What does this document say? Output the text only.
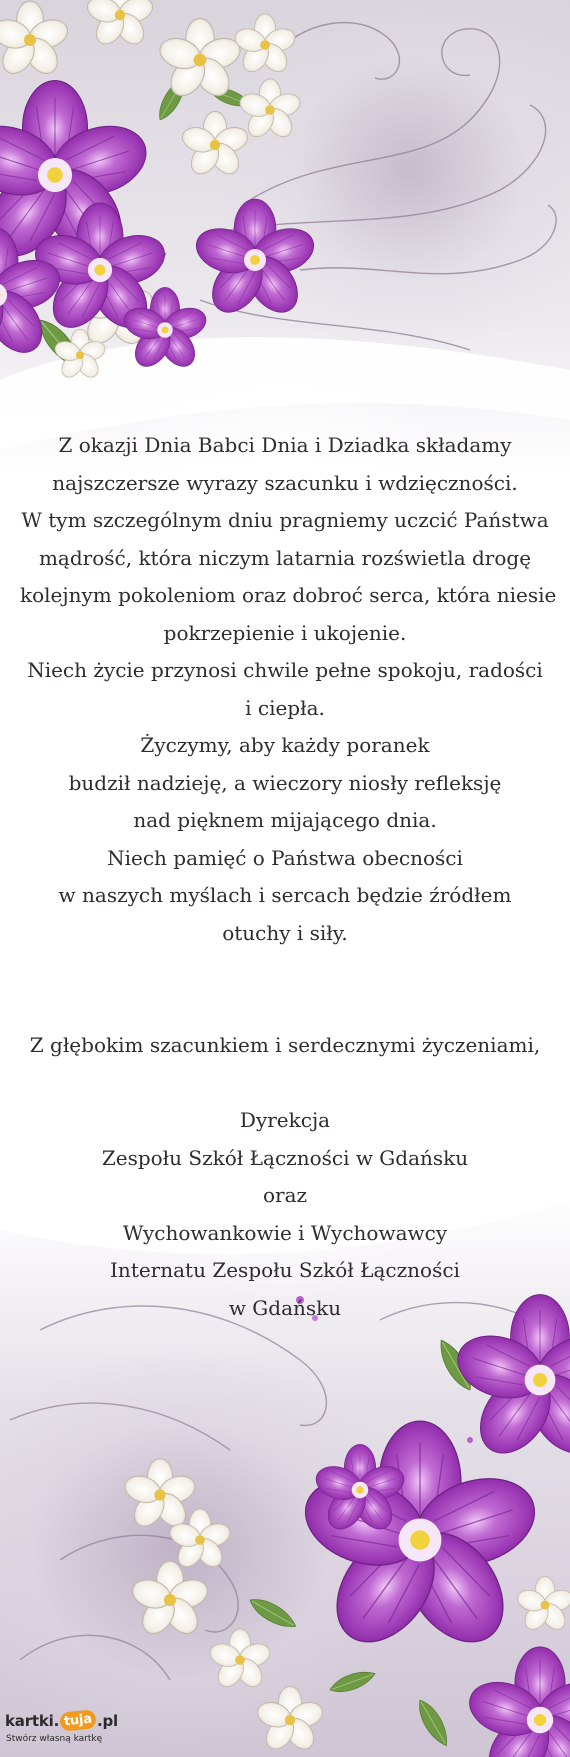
Z okazji Dnia Babci Dnia i Dziadka składamy

najszczersze wyrazy szacunku i wdzięczności.

W tym szczególnym dniu pragniemy uczcić Państwa

mądrość, która niczym latarnia rozświetla drogę

kolejnym pokoleniom oraz dobroć serca, która niesie

pokrzepienie i ukojenie.

Niech życie przynosi chwile pełne spokoju, radości

i ciepła.

Życzymy, aby każdy poranek

budził nadzieję, a wieczory niosły refleksję

nad pięknem mijającego dnia.

Niech pamięć o Państwa obecności

w naszych myślach i sercach będzie źródłem

otuchy i siły.

Z głębokim szacunkiem i serdecznymi życzeniami,

Dyrekcja

Zespołu Szkół Łączności w Gdańsku

oraz

Wychowankowie i Wychowawcy

Internatu Zespołu Szkół Łączności

w Gdańsku

kartki. tuja .pl
Stwórz własną kartkę
